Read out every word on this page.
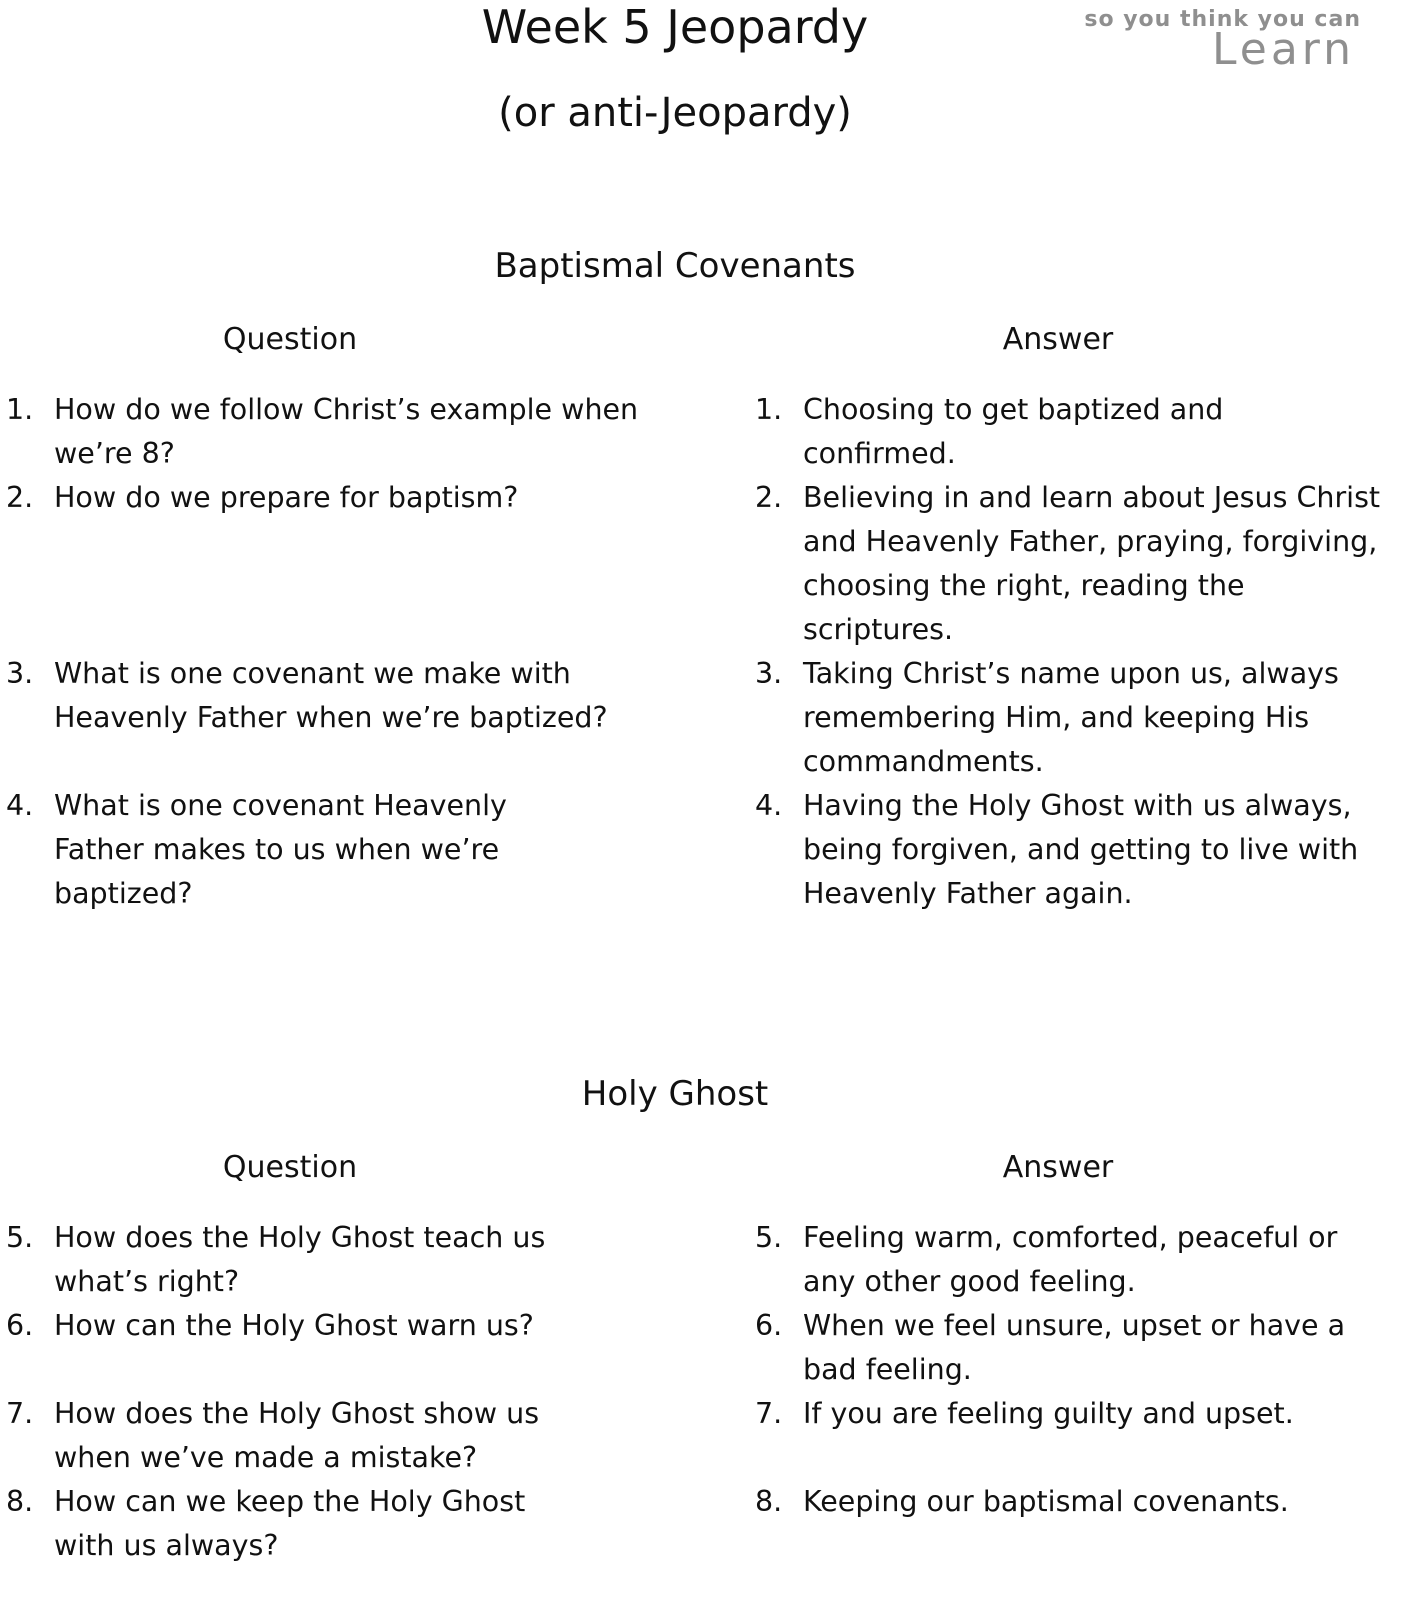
Week 5 Jeopardy
(or anti-Jeopardy)
so you think you can
Learn
Baptismal Covenants
Question	Answer
1. How do we follow Christ’s example when we’re 8?
2. How do we prepare for baptism?
3. What is one covenant we make with Heavenly Father when we’re baptized?
4. What is one covenant Heavenly Father makes to us when we’re baptized?
1. Choosing to get baptized and confirmed.
2. Believing in and learn about Jesus Christ and Heavenly Father, praying, forgiving, choosing the right, reading the scriptures.
3. Taking Christ’s name upon us, always remembering Him, and keeping His commandments.
4. Having the Holy Ghost with us always, being forgiven, and getting to live with Heavenly Father again.
Holy Ghost
Question	Answer
5. How does the Holy Ghost teach us what’s right?
6. How can the Holy Ghost warn us?
7. How does the Holy Ghost show us when we’ve made a mistake?
8. How can we keep the Holy Ghost with us always?
5. Feeling warm, comforted, peaceful or any other good feeling.
6. When we feel unsure, upset or have a bad feeling.
7. If you are feeling guilty and upset.
8. Keeping our baptismal covenants.
